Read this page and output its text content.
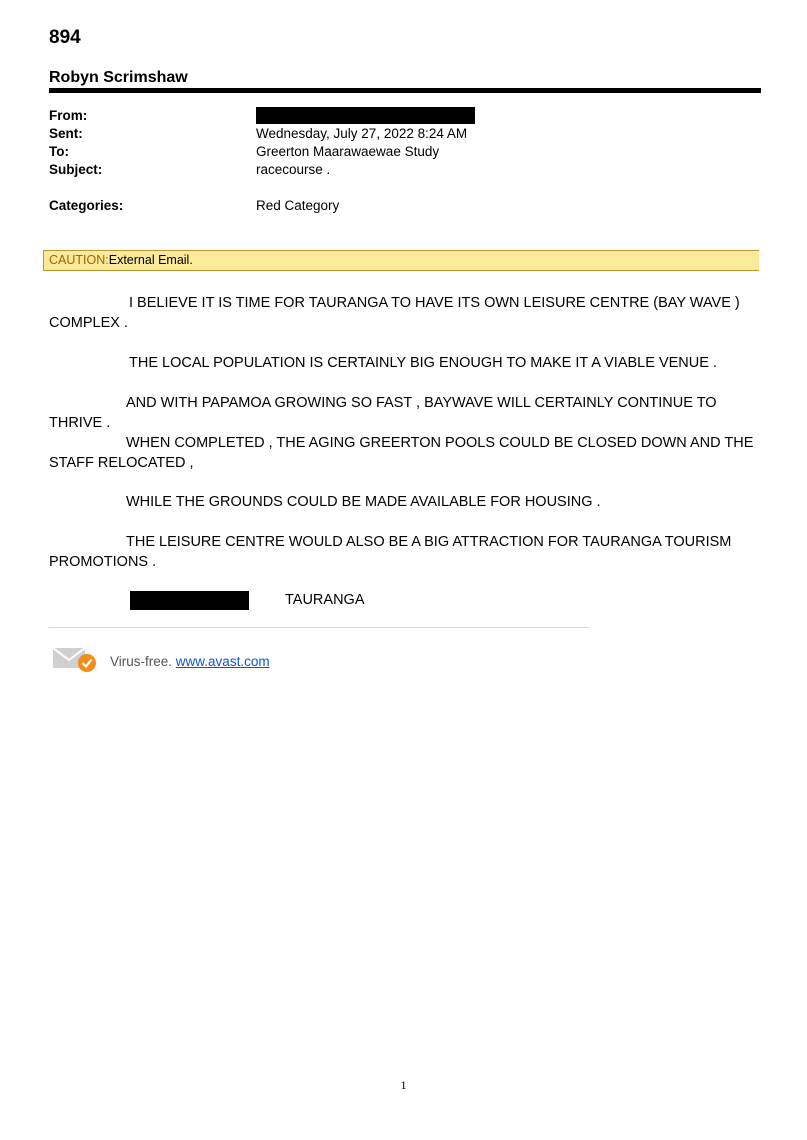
894
Robyn Scrimshaw
From:
Sent:	Wednesday, July 27, 2022 8:24 AM
To:	Greerton Maarawaewae Study
Subject:	racecourse .
Categories:	Red Category
CAUTION:External Email.
I BELIEVE IT IS TIME FOR TAURANGA TO HAVE ITS OWN LEISURE CENTRE (BAY WAVE ) COMPLEX .
THE LOCAL POPULATION IS CERTAINLY BIG ENOUGH TO MAKE IT A VIABLE VENUE .
AND WITH PAPAMOA GROWING SO FAST , BAYWAVE WILL CERTAINLY CONTINUE TO THRIVE .
WHEN COMPLETED , THE AGING GREERTON POOLS COULD BE CLOSED DOWN AND THE STAFF RELOCATED ,
WHILE THE GROUNDS COULD BE MADE AVAILABLE FOR HOUSING .
THE LEISURE CENTRE WOULD ALSO BE A BIG ATTRACTION FOR TAURANGA TOURISM PROMOTIONS .
TAURANGA
Virus-free. www.avast.com
1
